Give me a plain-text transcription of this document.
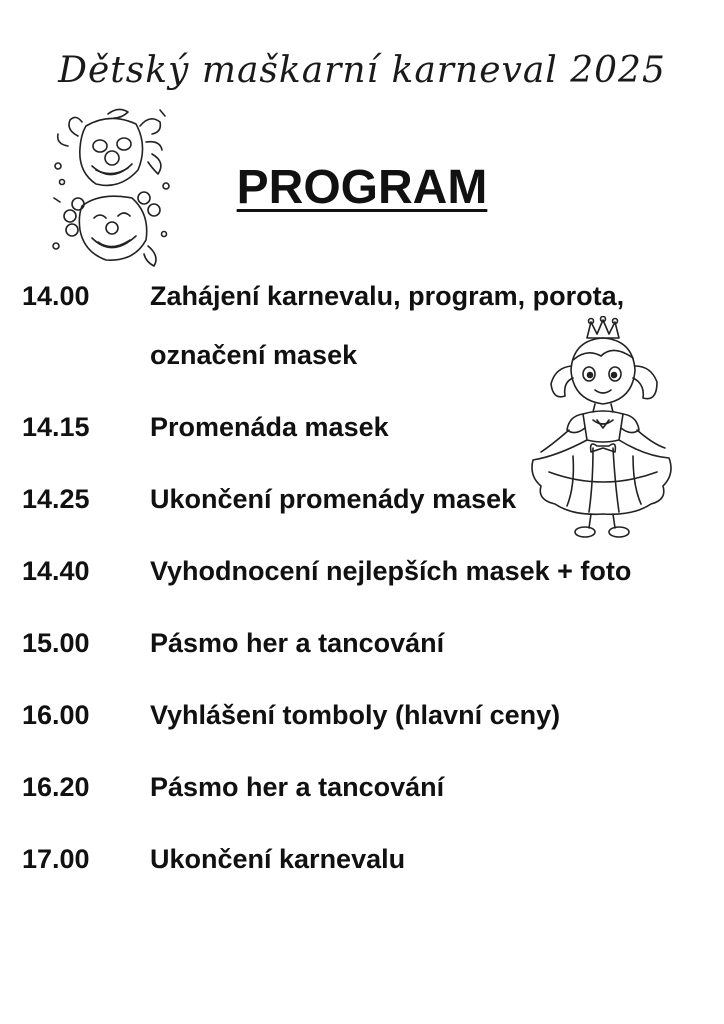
Dětský maškarní karneval 2025
PROGRAM
14.00	Zahájení karnevalu, program, porota,
označení masek
14.15	Promenáda masek
14.25	Ukončení promenády masek
14.40	Vyhodnocení nejlepších masek + foto
15.00	Pásmo her a tancování
16.00	Vyhlášení tomboly (hlavní ceny)
16.20	Pásmo her a tancování
17.00	Ukončení karnevalu
